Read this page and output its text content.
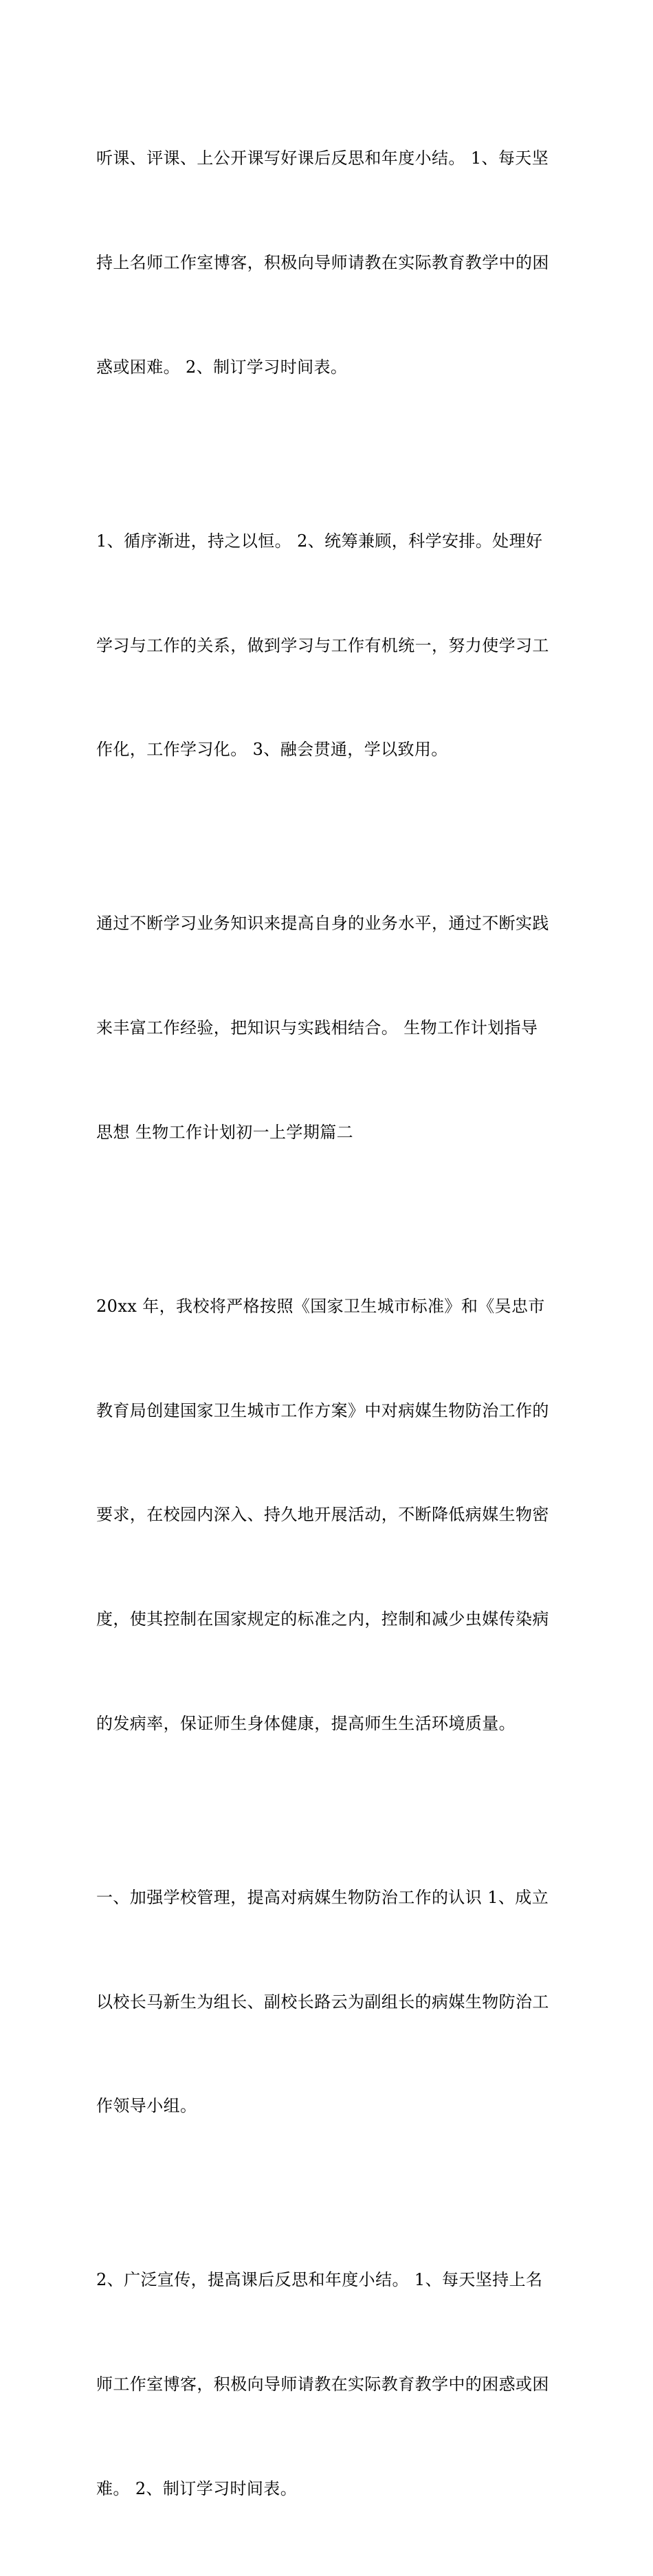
听课、评课、上公开课写好课后反思和年度小结。 1、每天坚

持上名师工作室博客，积极向导师请教在实际教育教学中的困

惑或困难。 2、制订学习时间表。

1、循序渐进，持之以恒。 2、统筹兼顾，科学安排。处理好

学习与工作的关系，做到学习与工作有机统一，努力使学习工

作化，工作学习化。 3、融会贯通，学以致用。

通过不断学习业务知识来提高自身的业务水平，通过不断实践

来丰富工作经验，把知识与实践相结合。 生物工作计划指导

思想 生物工作计划初一上学期篇二

20xx 年，我校将严格按照《国家卫生城市标准》和《吴忠市

教育局创建国家卫生城市工作方案》中对病媒生物防治工作的

要求，在校园内深入、持久地开展活动，不断降低病媒生物密

度，使其控制在国家规定的标准之内，控制和减少虫媒传染病

的发病率，保证师生身体健康，提高师生生活环境质量。

一、加强学校管理，提高对病媒生物防治工作的认识 1、成立

以校长马新生为组长、副校长路云为副组长的病媒生物防治工

作领导小组。

2、广泛宣传，提高课后反思和年度小结。 1、每天坚持上名

师工作室博客，积极向导师请教在实际教育教学中的困惑或困

难。 2、制订学习时间表。
